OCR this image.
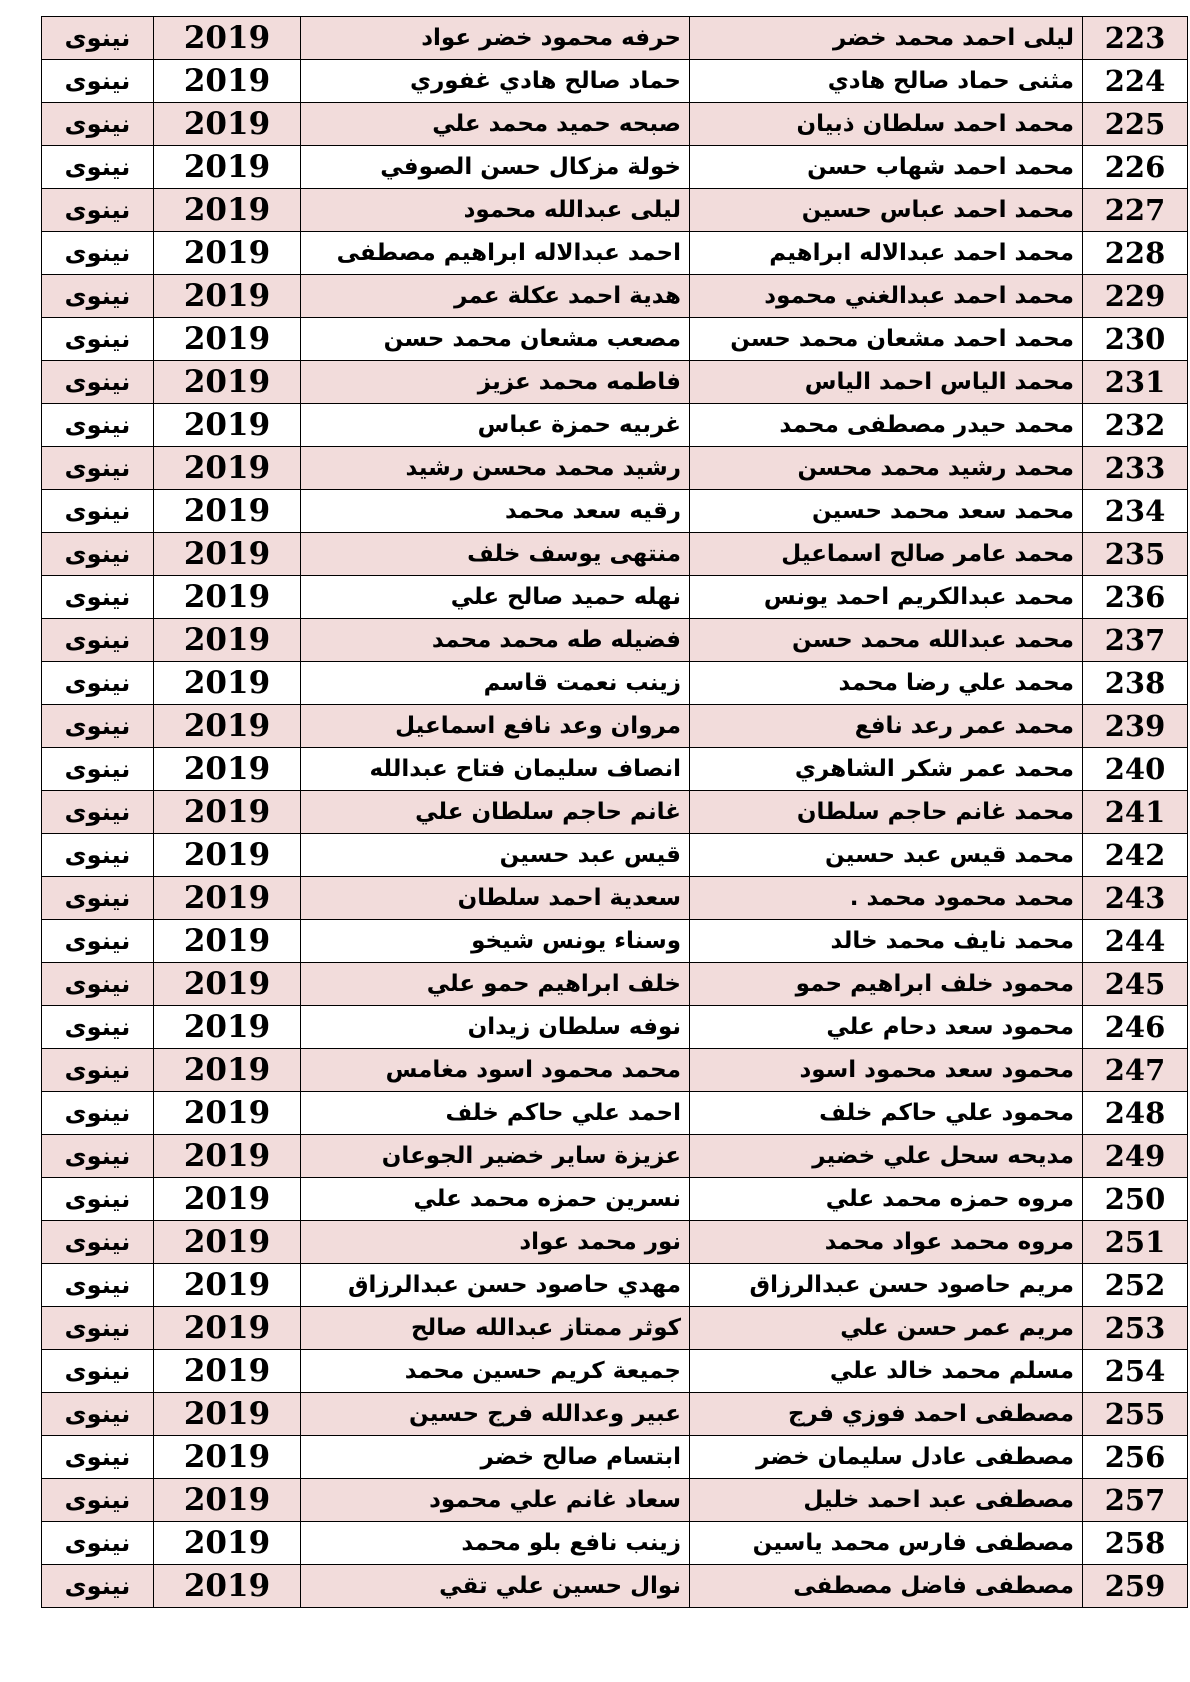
نينوى	2019	حرفه محمود خضر عواد	ليلى احمد محمد خضر	223
نينوى	2019	حماد صالح هادي غفوري	مثنى حماد صالح هادي	224
نينوى	2019	صبحه حميد محمد علي	محمد احمد سلطان ذبيان	225
نينوى	2019	خولة مزكال حسن الصوفي	محمد احمد شهاب حسن	226
نينوى	2019	ليلى عبدالله محمود	محمد احمد عباس حسين	227
نينوى	2019	احمد عبدالاله ابراهيم مصطفى	محمد احمد عبدالاله ابراهيم	228
نينوى	2019	هدية احمد عكلة عمر	محمد احمد عبدالغني محمود	229
نينوى	2019	مصعب مشعان محمد حسن	محمد احمد مشعان محمد حسن	230
نينوى	2019	فاطمه محمد عزيز	محمد الياس احمد الياس	231
نينوى	2019	غربيه حمزة عباس	محمد حيدر مصطفى محمد	232
نينوى	2019	رشيد محمد محسن رشيد	محمد رشيد محمد محسن	233
نينوى	2019	رقيه سعد محمد	محمد سعد محمد حسين	234
نينوى	2019	منتهى يوسف خلف	محمد عامر صالح اسماعيل	235
نينوى	2019	نهله حميد صالح علي	محمد عبدالكريم احمد يونس	236
نينوى	2019	فضيله طه محمد محمد	محمد عبدالله محمد حسن	237
نينوى	2019	زينب نعمت قاسم	محمد علي رضا محمد	238
نينوى	2019	مروان وعد نافع اسماعيل	محمد عمر رعد نافع	239
نينوى	2019	انصاف سليمان فتاح عبدالله	محمد عمر شكر الشاهري	240
نينوى	2019	غانم حاجم سلطان علي	محمد غانم حاجم سلطان	241
نينوى	2019	قيس عبد حسين	محمد قيس عبد حسين	242
نينوى	2019	سعدية احمد سلطان	محمد محمود محمد .	243
نينوى	2019	وسناء يونس شيخو	محمد نايف محمد خالد	244
نينوى	2019	خلف ابراهيم حمو علي	محمود خلف ابراهيم حمو	245
نينوى	2019	نوفه سلطان زيدان	محمود سعد دحام علي	246
نينوى	2019	محمد محمود اسود مغامس	محمود سعد محمود اسود	247
نينوى	2019	احمد علي حاكم خلف	محمود علي حاكم خلف	248
نينوى	2019	عزيزة ساير خضير الجوعان	مديحه سحل علي خضير	249
نينوى	2019	نسرين حمزه محمد علي	مروه حمزه محمد علي	250
نينوى	2019	نور محمد عواد	مروه محمد عواد محمد	251
نينوى	2019	مهدي حاصود حسن عبدالرزاق	مريم حاصود حسن عبدالرزاق	252
نينوى	2019	كوثر ممتاز عبدالله صالح	مريم عمر حسن علي	253
نينوى	2019	جميعة كريم حسين محمد	مسلم محمد خالد علي	254
نينوى	2019	عبير وعدالله فرج حسين	مصطفى احمد فوزي فرج	255
نينوى	2019	ابتسام صالح خضر	مصطفى عادل سليمان خضر	256
نينوى	2019	سعاد غانم علي محمود	مصطفى عبد احمد خليل	257
نينوى	2019	زينب نافع بلو محمد	مصطفى فارس محمد ياسين	258
نينوى	2019	نوال حسين علي تقي	مصطفى فاضل مصطفى	259
